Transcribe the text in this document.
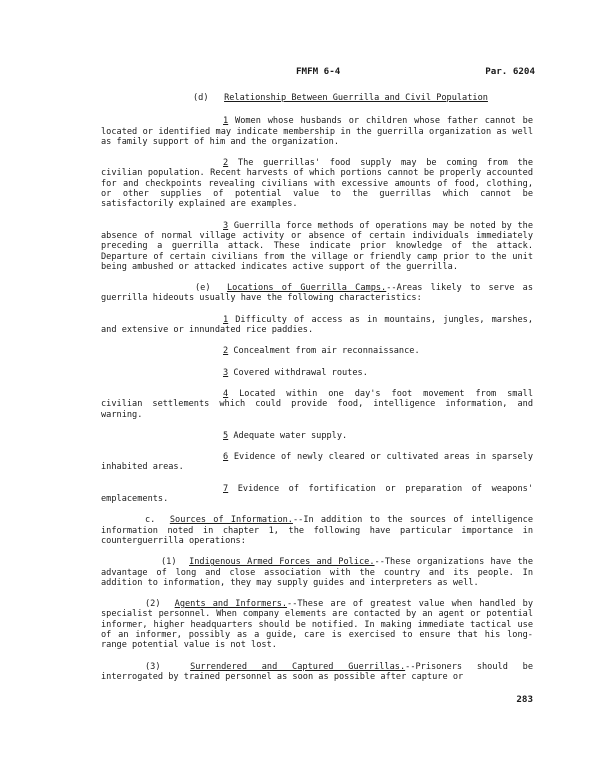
FMFM 6-4	Par. 6204

(d) Relationship Between Guerrilla and Civil Population

1 Women whose husbands or children whose father cannot be located or identified may indicate membership in the guerrilla organization as well as family support of him and the organization.

2 The guerrillas' food supply may be coming from the civilian population. Recent harvests of which portions cannot be properly accounted for and checkpoints revealing civilians with excessive amounts of food, clothing, or other supplies of potential value to the guerrillas which cannot be satisfactorily explained are examples.

3 Guerrilla force methods of operations may be noted by the absence of normal village activity or absence of certain individuals immediately preceding a guerrilla attack. These indicate prior knowledge of the attack. Departure of certain civilians from the village or friendly camp prior to the unit being ambushed or attacked indicates active support of the guerrilla.

(e) Locations of Guerrilla Camps.--Areas likely to serve as guerrilla hideouts usually have the following characteristics:

1 Difficulty of access as in mountains, jungles, marshes, and extensive or innundated rice paddies.

2 Concealment from air reconnaissance.

3 Covered withdrawal routes.

4 Located within one day's foot movement from small civilian settlements which could provide food, intelligence information, and warning.

5 Adequate water supply.

6 Evidence of newly cleared or cultivated areas in sparsely inhabited areas.

7 Evidence of fortification or preparation of weapons' emplacements.

c. Sources of Information.--In addition to the sources of intelligence information noted in chapter 1, the following have particular importance in counterguerrilla operations:

(1) Indigenous Armed Forces and Police.--These organizations have the advantage of long and close association with the country and its people. In addition to information, they may supply guides and interpreters as well.

(2) Agents and Informers.--These are of greatest value when handled by specialist personnel. When company elements are contacted by an agent or potential informer, higher headquarters should be notified. In making immediate tactical use of an informer, possibly as a guide, care is exercised to ensure that his long-range potential value is not lost.

(3)	Surrendered and Captured Guerrillas.--Prisoners should be interrogated by trained personnel as soon as possible after capture or

283
